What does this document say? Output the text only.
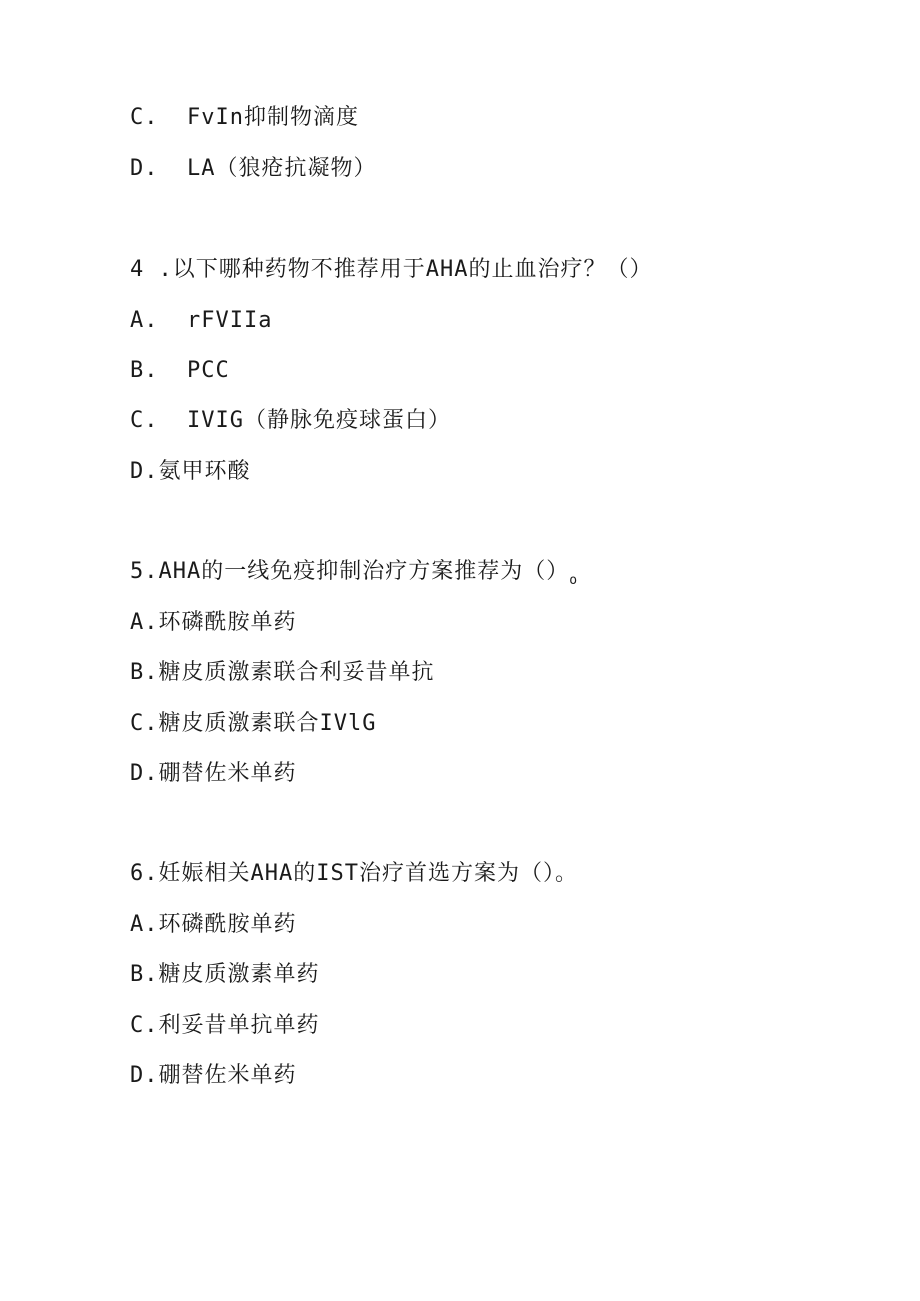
C.  FvIn抑制物滴度
D.  LA（狼疮抗凝物）
4 .以下哪种药物不推荐用于AHA的止血治疗？（）
A.  rFVIIa
B.  PCC
C.  IVIG（静脉免疫球蛋白）
D.氨甲环酸
5.AHA的一线免疫抑制治疗方案推荐为$()_o$
A.环磷酰胺单药
B.糖皮质激素联合利妥昔单抗
C.糖皮质激素联合IVlG
D.硼替佐米单药
6.妊娠相关AHA的IST治疗首选方案为（）。
A.环磷酰胺单药
B.糖皮质激素单药
C.利妥昔单抗单药
D.硼替佐米单药
